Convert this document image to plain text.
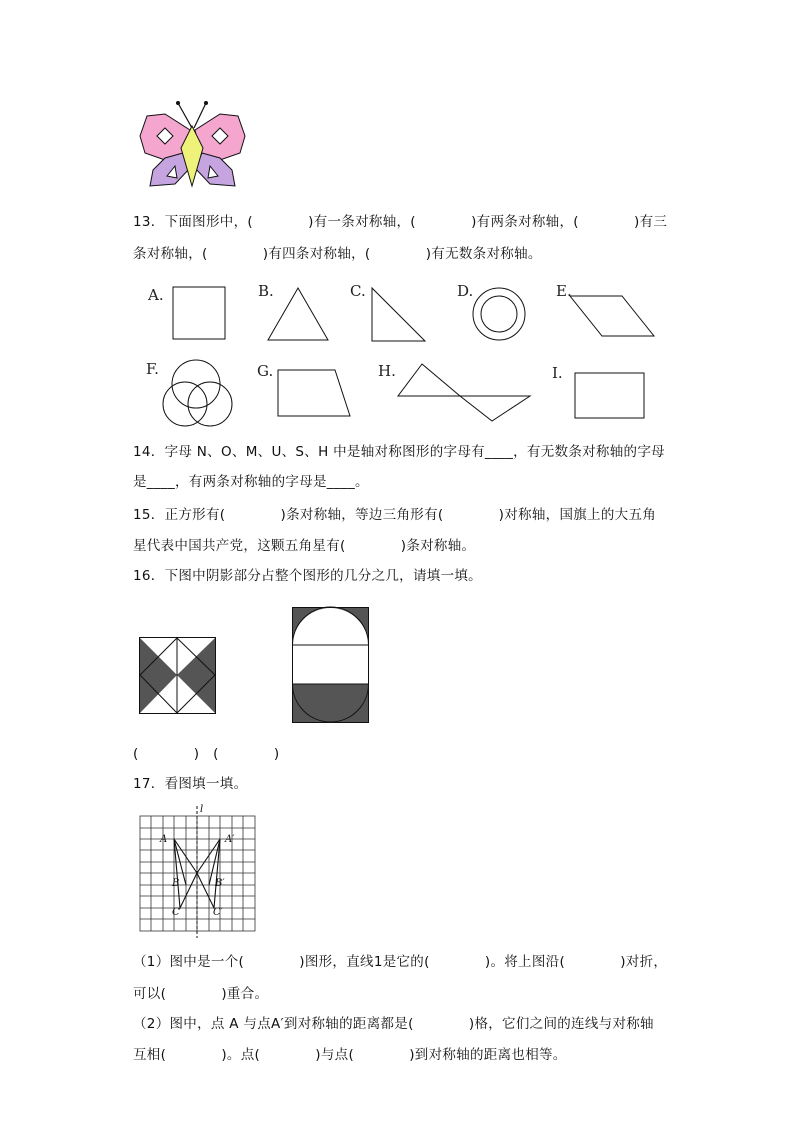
13．下面图形中，(　　　　)有一条对称轴，(　　　　)有两条对称轴，(　　　　)有三
条对称轴，(　　　　)有四条对称轴，(　　　　)有无数条对称轴。
A.	B.	C.	D.	E.
F.	G.	H.	I.
14．字母 N、O、M、U、S、H 中是轴对称图形的字母有____，有无数条对称轴的字母
是____，有两条对称轴的字母是____。
15．正方形有(　　　　)条对称轴，等边三角形有(　　　　)对称轴，国旗上的大五角
星代表中国共产党，这颗五角星有(　　　　)条对称轴。
16．下图中阴影部分占整个图形的几分之几，请填一填。
(　　　　)　(　　　　)
17．看图填一填。
l
A	A′
B	B′
C	C′
（1）图中是一个(　　　　)图形，直线1是它的(　　　　)。将上图沿(　　　　)对折，
可以(　　　　)重合。
（2）图中，点 A 与点A′到对称轴的距离都是(　　　　)格，它们之间的连线与对称轴
互相(　　　　)。点(　　　　)与点(　　　　)到对称轴的距离也相等。
